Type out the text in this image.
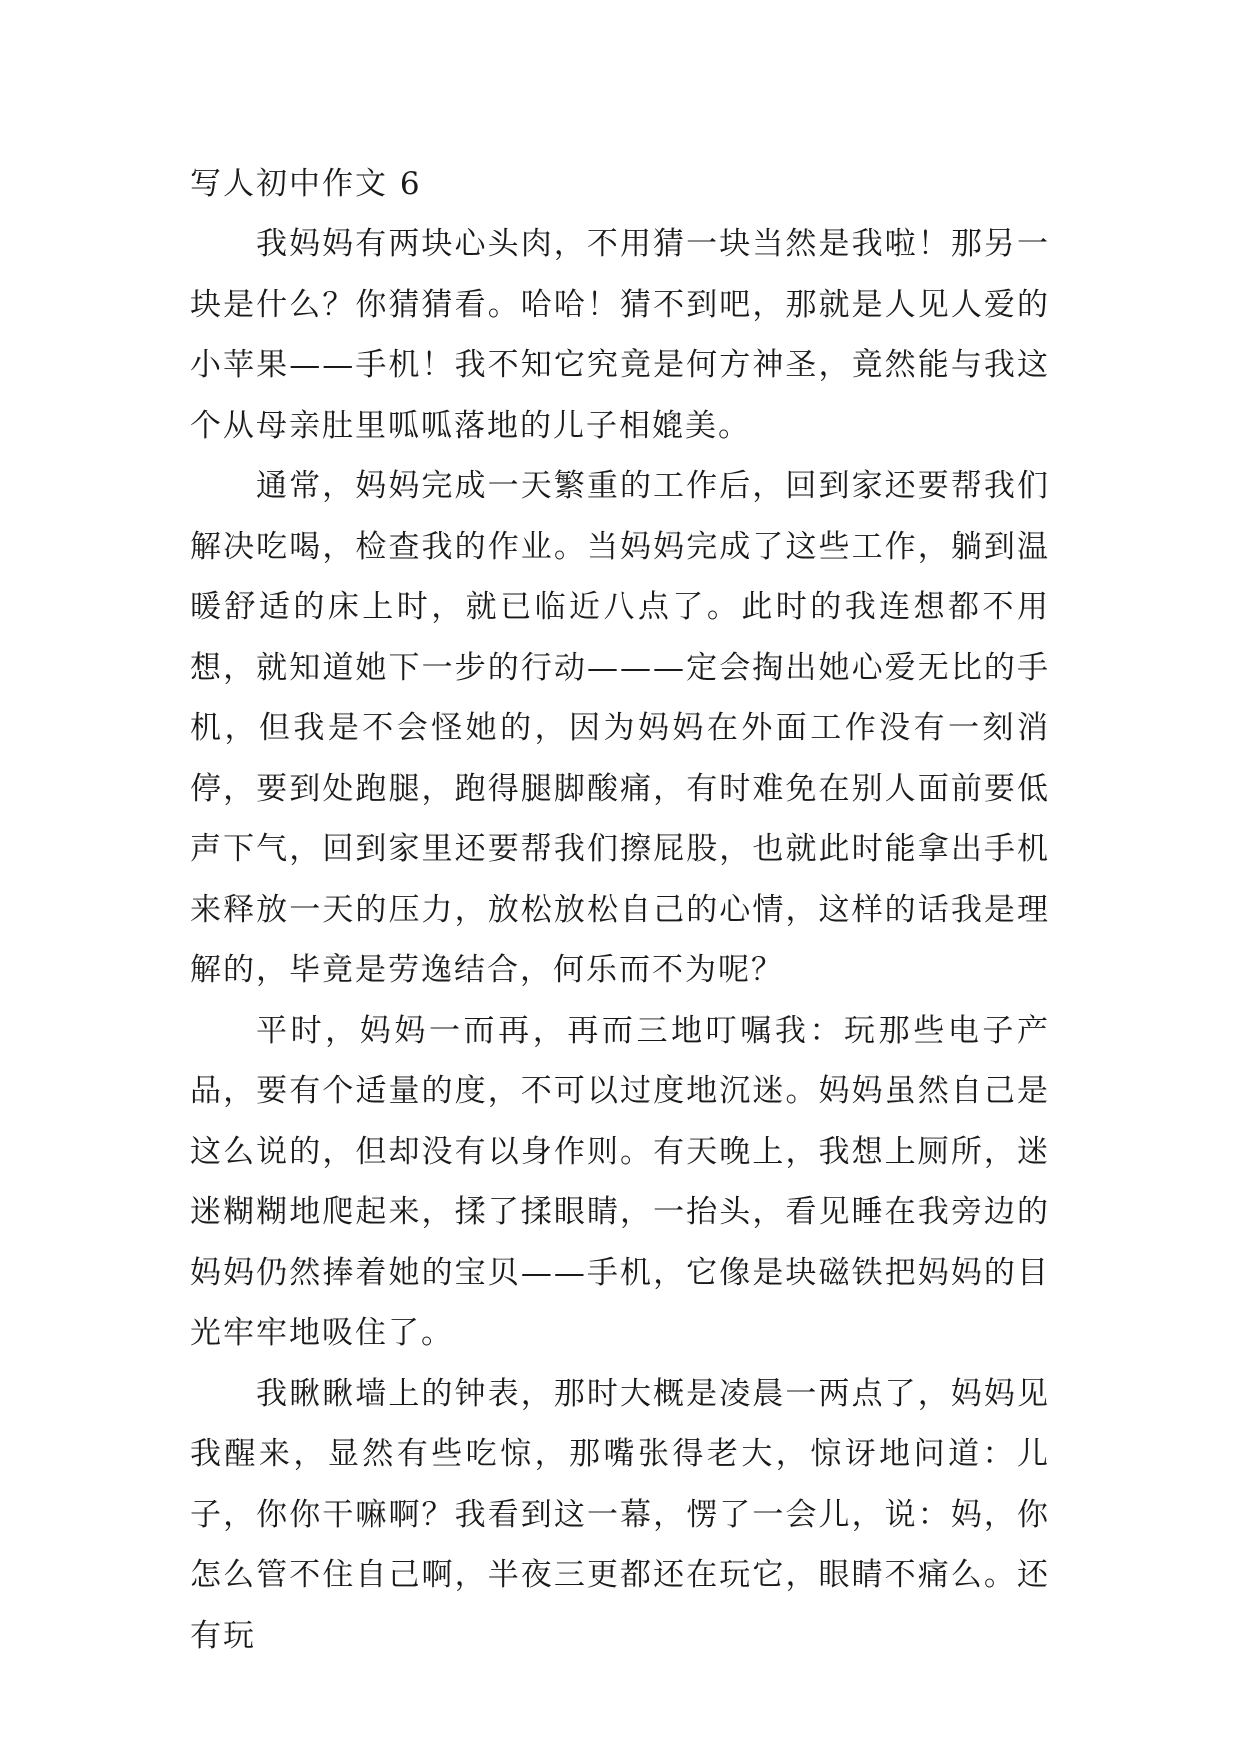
写人初中作文 6

我妈妈有两块心头肉，不用猜一块当然是我啦！那另一块是什么？你猜猜看。哈哈！猜不到吧，那就是人见人爱的小苹果——手机！我不知它究竟是何方神圣，竟然能与我这个从母亲肚里呱呱落地的儿子相媲美。

通常，妈妈完成一天繁重的工作后，回到家还要帮我们解决吃喝，检查我的作业。当妈妈完成了这些工作，躺到温暖舒适的床上时，就已临近八点了。此时的我连想都不用想，就知道她下一步的行动———定会掏出她心爱无比的手机，但我是不会怪她的，因为妈妈在外面工作没有一刻消停，要到处跑腿，跑得腿脚酸痛，有时难免在别人面前要低声下气，回到家里还要帮我们擦屁股，也就此时能拿出手机来释放一天的压力，放松放松自己的心情，这样的话我是理解的，毕竟是劳逸结合，何乐而不为呢？

平时，妈妈一而再，再而三地叮嘱我：玩那些电子产品，要有个适量的度，不可以过度地沉迷。妈妈虽然自己是这么说的，但却没有以身作则。有天晚上，我想上厕所，迷迷糊糊地爬起来，揉了揉眼睛，一抬头，看见睡在我旁边的妈妈仍然捧着她的宝贝——手机，它像是块磁铁把妈妈的目光牢牢地吸住了。

我瞅瞅墙上的钟表，那时大概是凌晨一两点了，妈妈见我醒来，显然有些吃惊，那嘴张得老大，惊讶地问道：儿子，你你干嘛啊？我看到这一幕，愣了一会儿，说：妈，你怎么管不住自己啊，半夜三更都还在玩它，眼睛不痛么。还有玩
